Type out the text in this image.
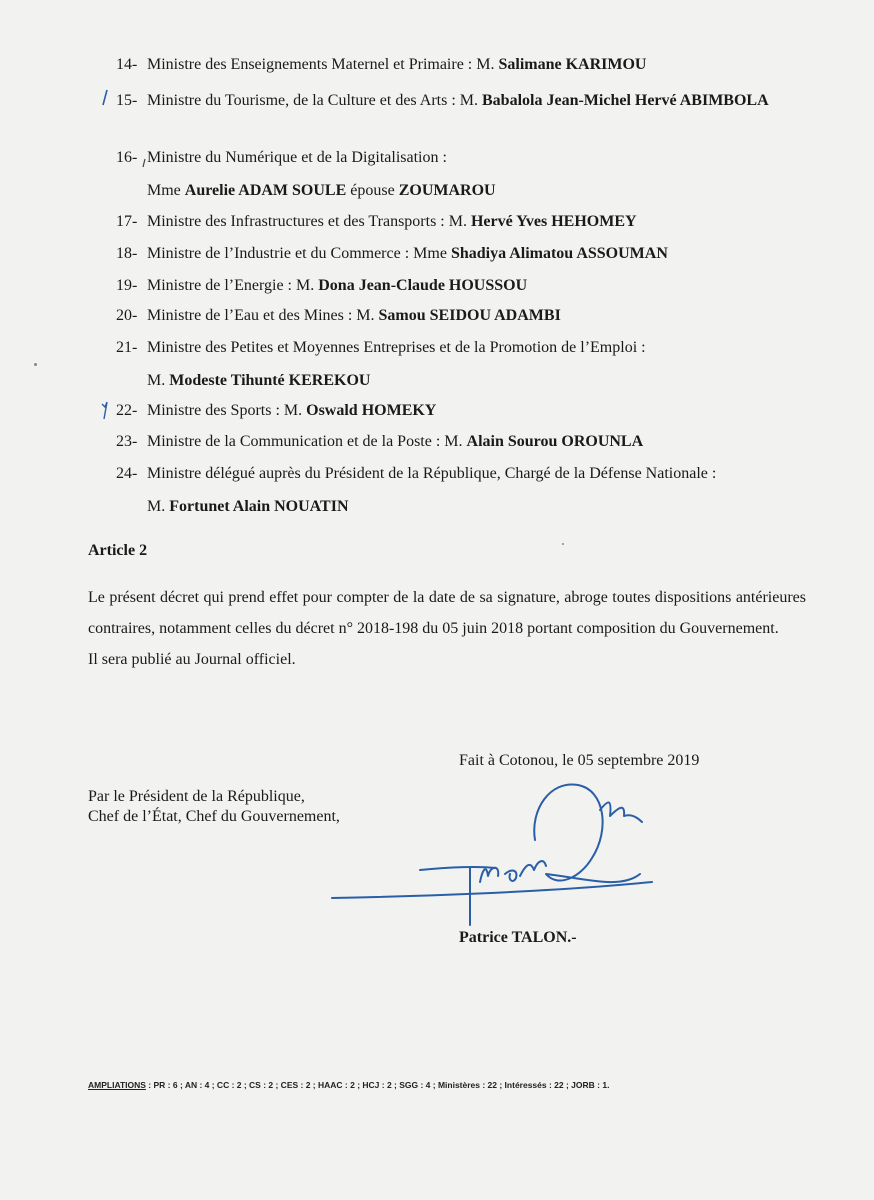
14- Ministre des Enseignements Maternel et Primaire : M. Salimane KARIMOU
15- Ministre du Tourisme, de la Culture et des Arts : M. Babalola Jean-Michel Hervé ABIMBOLA
16- Ministre du Numérique et de la Digitalisation :
Mme Aurelie ADAM SOULE épouse ZOUMAROU
17- Ministre des Infrastructures et des Transports : M. Hervé Yves HEHOMEY
18- Ministre de l’Industrie et du Commerce : Mme Shadiya Alimatou ASSOUMAN
19- Ministre de l’Energie : M. Dona Jean-Claude HOUSSOU
20- Ministre de l’Eau et des Mines : M. Samou SEIDOU ADAMBI
21- Ministre des Petites et Moyennes Entreprises et de la Promotion de l’Emploi :
M. Modeste Tihunté KEREKOU
22- Ministre des Sports : M. Oswald HOMEKY
23- Ministre de la Communication et de la Poste : M. Alain Sourou OROUNLA
24- Ministre délégué auprès du Président de la République, Chargé de la Défense Nationale :
M. Fortunet Alain NOUATIN
Article 2

Le présent décret qui prend effet pour compter de la date de sa signature, abroge toutes dispositions antérieures contraires, notamment celles du décret n° 2018-198 du 05 juin 2018 portant composition du Gouvernement.

Il sera publié au Journal officiel.

Fait à Cotonou, le 05 septembre 2019
Par le Président de la République,
Chef de l’État, Chef du Gouvernement,
Patrice TALON.-
AMPLIATIONS : PR : 6 ; AN : 4 ; CC : 2 ; CS : 2 ; CES : 2 ; HAAC : 2 ; HCJ : 2 ; SGG : 4 ; Ministères : 22 ; Intéressés : 22 ; JORB : 1.
